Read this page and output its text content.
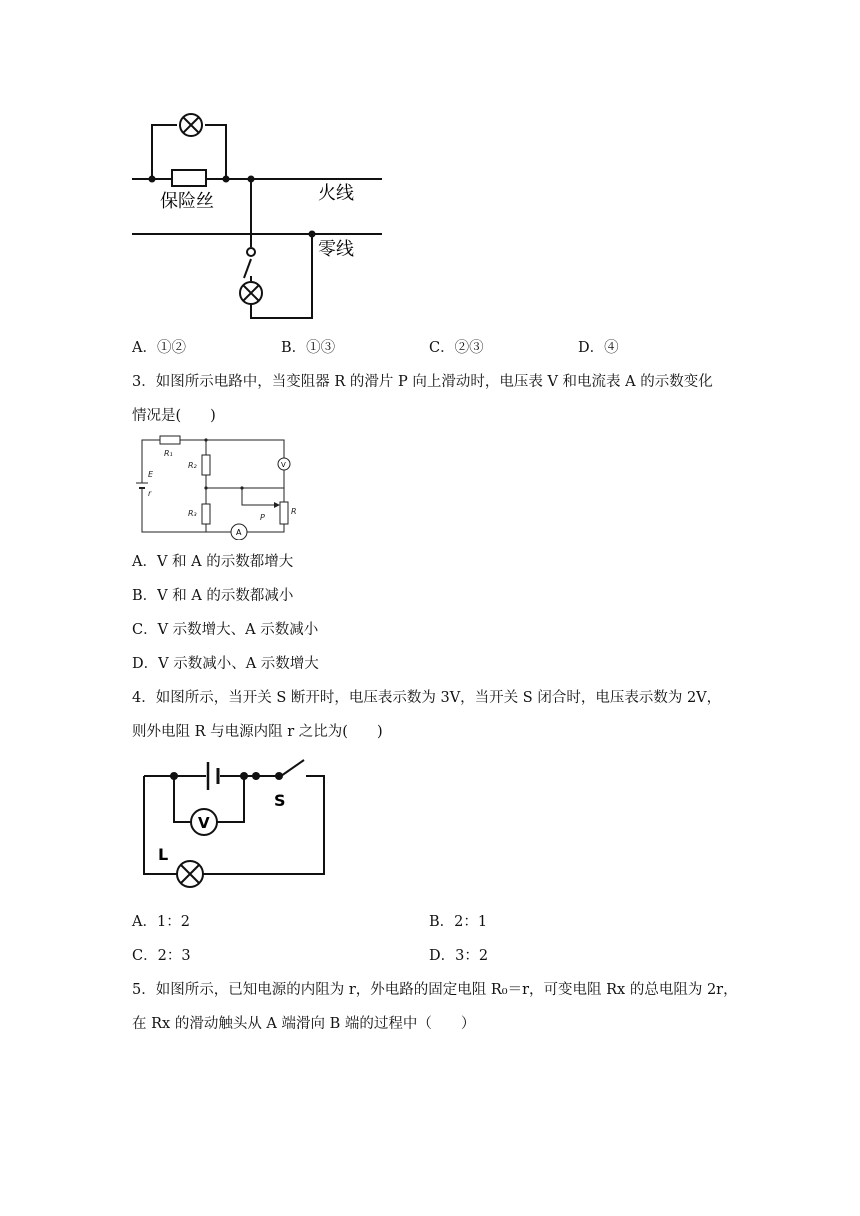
保险丝	火线
零线
A．①②	B．①③	C．②③	D．④
3．如图所示电路中，当变阻器 R 的滑片 P 向上滑动时，电压表 V 和电流表 A 的示数变化
情况是(　　)
R₁
R₂
R₃
E
r
P
R
V
A
A．V 和 A 的示数都增大
B．V 和 A 的示数都减小
C．V 示数增大、A 示数减小
D．V 示数减小、A 示数增大
4．如图所示，当开关 S 断开时，电压表示数为 3V，当开关 S 闭合时，电压表示数为 2V，
则外电阻 R 与电源内阻 r 之比为(　　)
S
V
L
A．1：2	B．2：1
C．2：3	D．3：2
5．如图所示，已知电源的内阻为 r，外电路的固定电阻 R₀＝r，可变电阻 Rx 的总电阻为 2r，
在 Rx 的滑动触头从 A 端滑向 B 端的过程中（　　）
